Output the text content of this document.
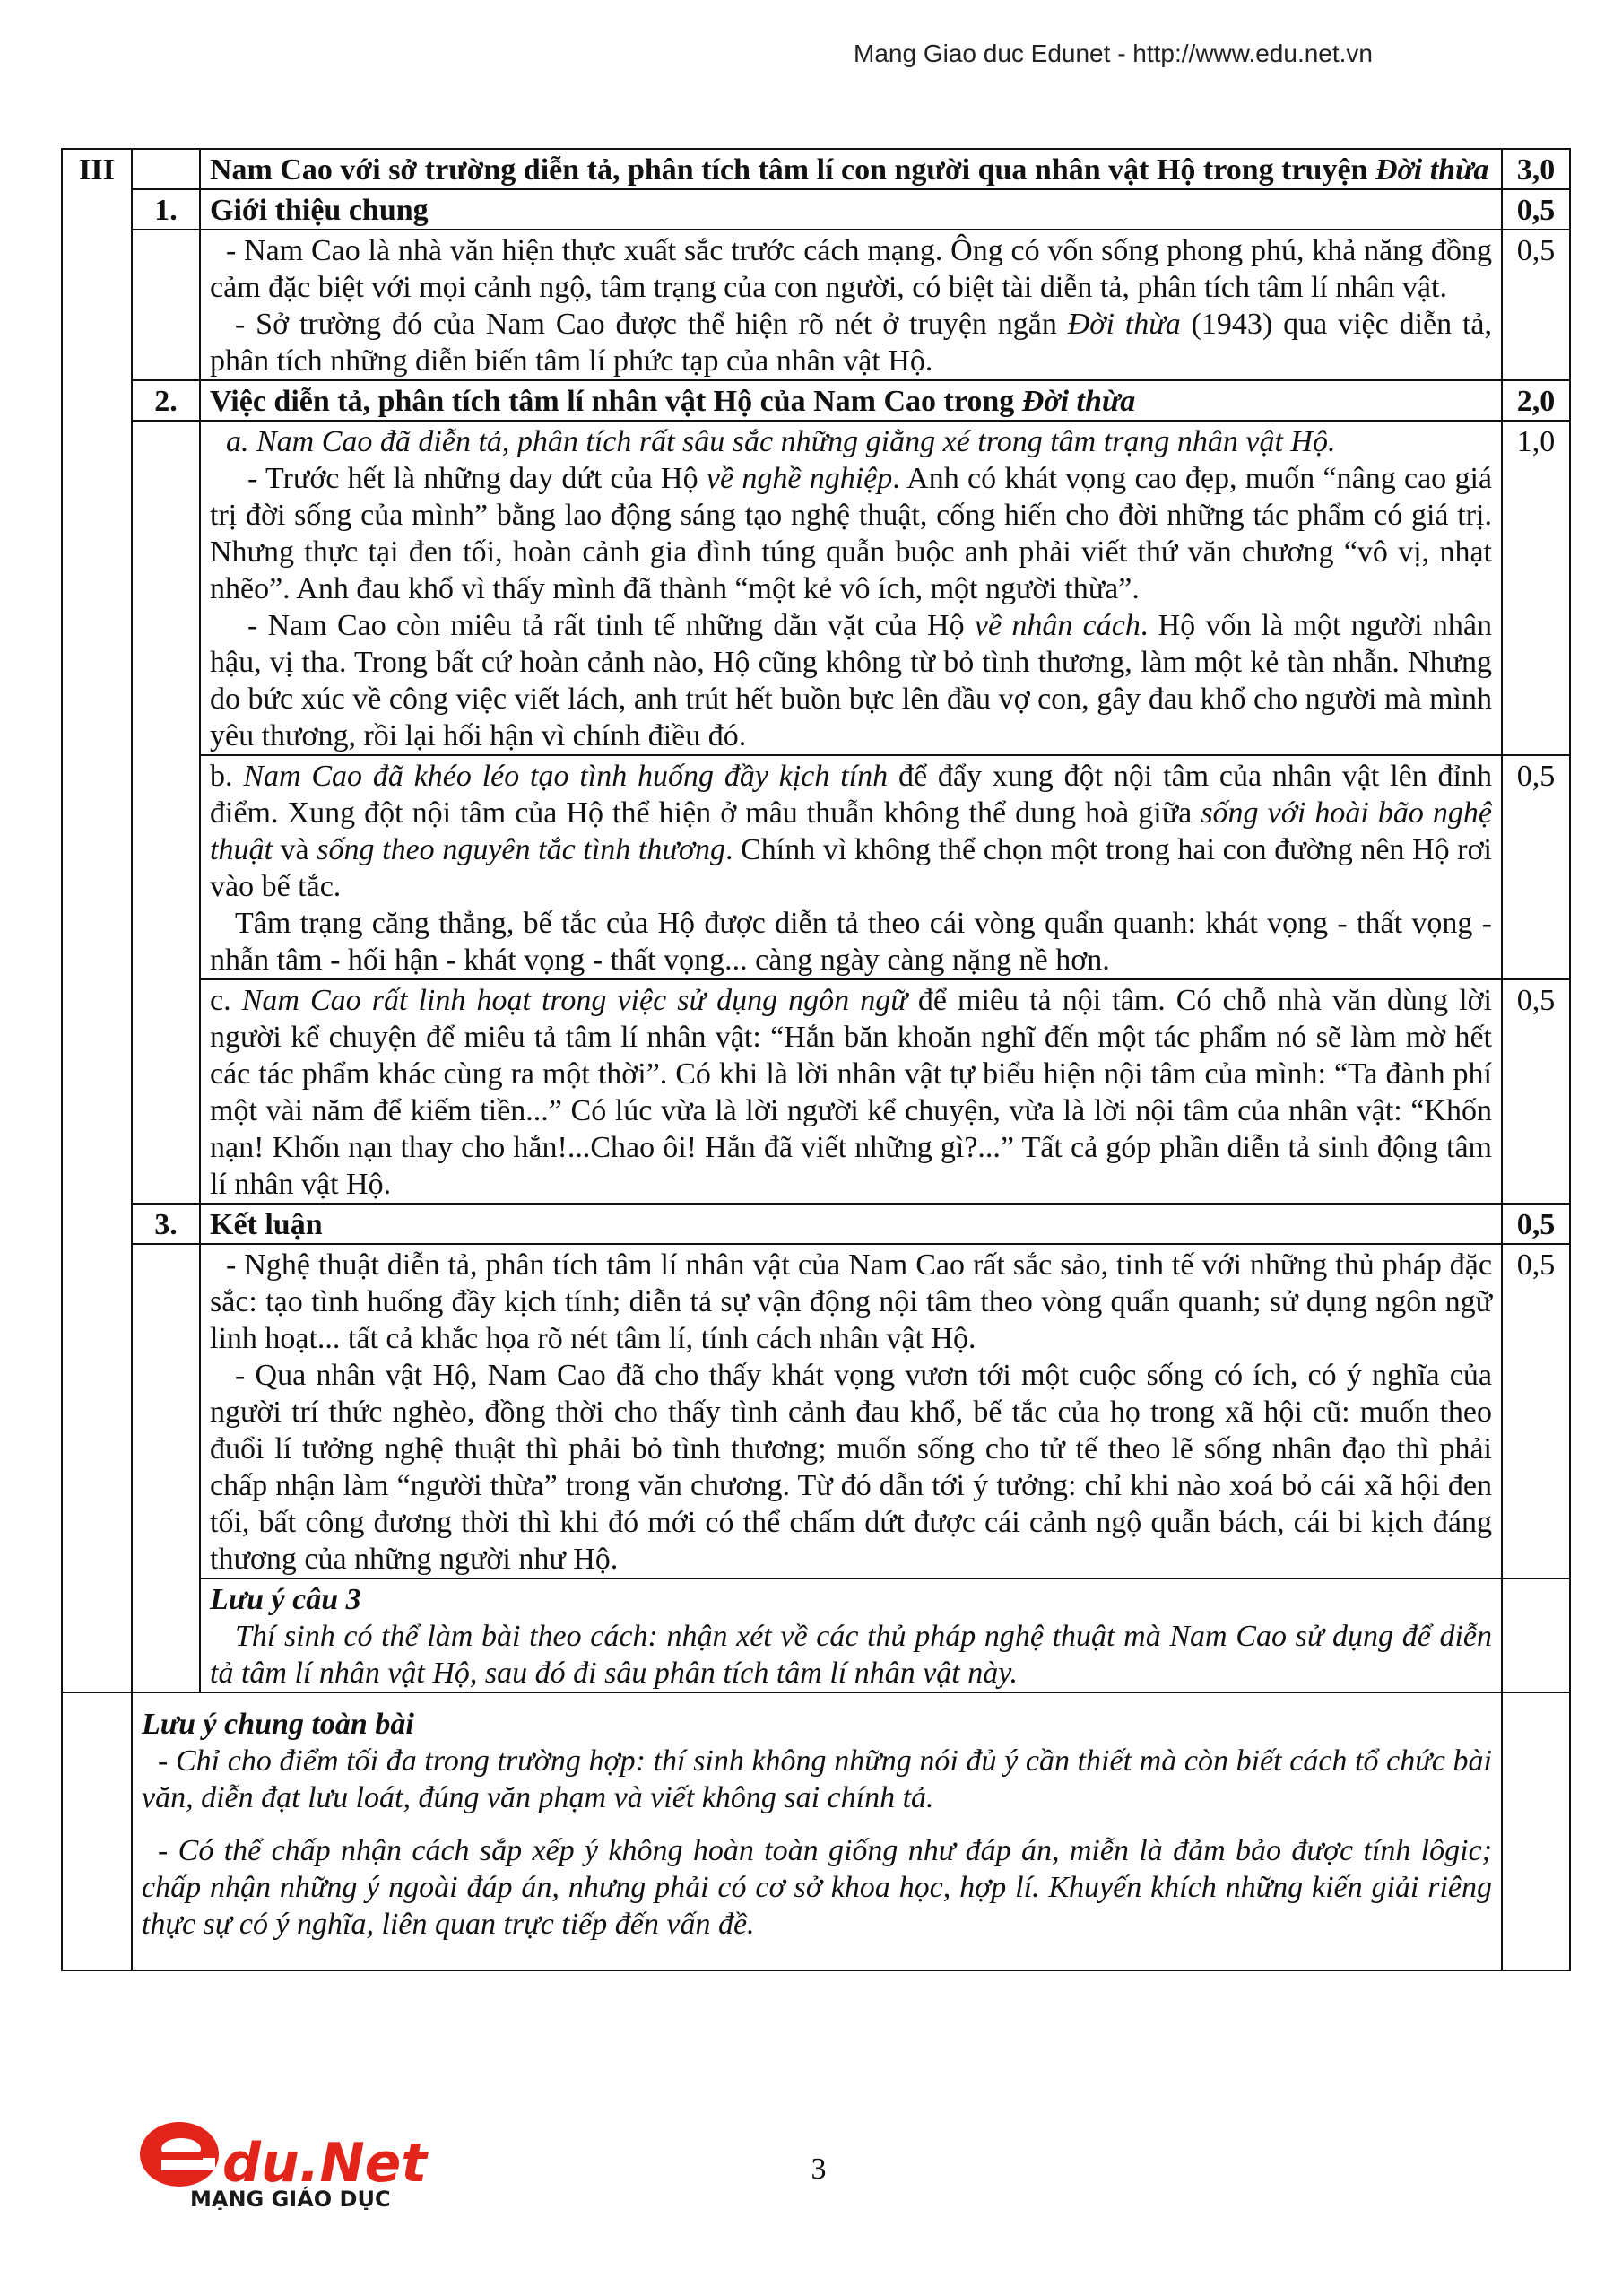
Mang Giao duc Edunet - http://www.edu.net.vn
III		Nam Cao với sở trường diễn tả, phân tích tâm lí con người qua nhân vật Hộ trong truyện Đời thừa	3,0
	1.	Giới thiệu chung	0,5

		- Nam Cao là nhà văn hiện thực xuất sắc trước cách mạng. Ông có vốn sống phong phú, khả năng đồng cảm đặc biệt với mọi cảnh ngộ, tâm trạng của con người, có biệt tài diễn tả, phân tích tâm lí nhân vật.

- Sở trường đó của Nam Cao được thể hiện rõ nét ở truyện ngắn Đời thừa (1943) qua việc diễn tả, phân tích những diễn biến tâm lí phức tạp của nhân vật Hộ.	0,5
	2.	Việc diễn tả, phân tích tâm lí nhân vật Hộ của Nam Cao trong Đời thừa	2,0

		a. Nam Cao đã diễn tả, phân tích rất sâu sắc những giằng xé trong tâm trạng nhân vật Hộ.

- Trước hết là những day dứt của Hộ về nghề nghiệp. Anh có khát vọng cao đẹp, muốn “nâng cao giá trị đời sống của mình” bằng lao động sáng tạo nghệ thuật, cống hiến cho đời những tác phẩm có giá trị. Nhưng thực tại đen tối, hoàn cảnh gia đình túng quẫn buộc anh phải viết thứ văn chương “vô vị, nhạt nhẽo”. Anh đau khổ vì thấy mình đã thành “một kẻ vô ích, một người thừa”.

- Nam Cao còn miêu tả rất tinh tế những dằn vặt của Hộ về nhân cách. Hộ vốn là một người nhân hậu, vị tha. Trong bất cứ hoàn cảnh nào, Hộ cũng không từ bỏ tình thương, làm một kẻ tàn nhẫn. Nhưng do bức xúc về công việc viết lách, anh trút hết buồn bực lên đầu vợ con, gây đau khổ cho người mà mình yêu thương, rồi lại hối hận vì chính điều đó.	1,0

		b. Nam Cao đã khéo léo tạo tình huống đầy kịch tính để đẩy xung đột nội tâm của nhân vật lên đỉnh điểm. Xung đột nội tâm của Hộ thể hiện ở mâu thuẫn không thể dung hoà giữa sống với hoài bão nghệ thuật và sống theo nguyên tắc tình thương. Chính vì không thể chọn một trong hai con đường nên Hộ rơi vào bế tắc.

Tâm trạng căng thẳng, bế tắc của Hộ được diễn tả theo cái vòng quẩn quanh: khát vọng - thất vọng - nhẫn tâm - hối hận - khát vọng - thất vọng... càng ngày càng nặng nề hơn.	0,5

		c. Nam Cao rất linh hoạt trong việc sử dụng ngôn ngữ để miêu tả nội tâm. Có chỗ nhà văn dùng lời người kể chuyện để miêu tả tâm lí nhân vật: “Hắn băn khoăn nghĩ đến một tác phẩm nó sẽ làm mờ hết các tác phẩm khác cùng ra một thời”. Có khi là lời nhân vật tự biểu hiện nội tâm của mình: “Ta đành phí một vài năm để kiếm tiền...” Có lúc vừa là lời người kể chuyện, vừa là lời nội tâm của nhân vật: “Khốn nạn! Khốn nạn thay cho hắn!...Chao ôi! Hắn đã viết những gì?...” Tất cả góp phần diễn tả sinh động tâm lí nhân vật Hộ.	0,5
	3.	Kết luận	0,5

		- Nghệ thuật diễn tả, phân tích tâm lí nhân vật của Nam Cao rất sắc sảo, tinh tế với những thủ pháp đặc sắc: tạo tình huống đầy kịch tính; diễn tả sự vận động nội tâm theo vòng quẩn quanh; sử dụng ngôn ngữ linh hoạt... tất cả khắc họa rõ nét tâm lí, tính cách nhân vật Hộ.

- Qua nhân vật Hộ, Nam Cao đã cho thấy khát vọng vươn tới một cuộc sống có ích, có ý nghĩa của người trí thức nghèo, đồng thời cho thấy tình cảnh đau khổ, bế tắc của họ trong xã hội cũ: muốn theo đuổi lí tưởng nghệ thuật thì phải bỏ tình thương; muốn sống cho tử tế theo lẽ sống nhân đạo thì phải chấp nhận làm “người thừa” trong văn chương. Từ đó dẫn tới ý tưởng: chỉ khi nào xoá bỏ cái xã hội đen tối, bất công đương thời thì khi đó mới có thể chấm dứt được cái cảnh ngộ quẫn bách, cái bi kịch đáng thương của những người như Hộ.	0,5

		Lưu ý câu 3

Thí sinh có thể làm bài theo cách: nhận xét về các thủ pháp nghệ thuật mà Nam Cao sử dụng để diễn tả tâm lí nhân vật Hộ, sau đó đi sâu phân tích tâm lí nhân vật này.	

	Lưu ý chung toàn bài

- Chỉ cho điểm tối đa trong trường hợp: thí sinh không những nói đủ ý cần thiết mà còn biết cách tổ chức bài văn, diễn đạt lưu loát, đúng văn phạm và viết không sai chính tả.

- Có thể chấp nhận cách sắp xếp ý không hoàn toàn giống như đáp án, miễn là đảm bảo được tính lôgic; chấp nhận những ý ngoài đáp án, nhưng phải có cơ sở khoa học, hợp lí. Khuyến khích những kiến giải riêng thực sự có ý nghĩa, liên quan trực tiếp đến vấn đề.		

du.Net
MẠNG GIÁO DỤC
3
